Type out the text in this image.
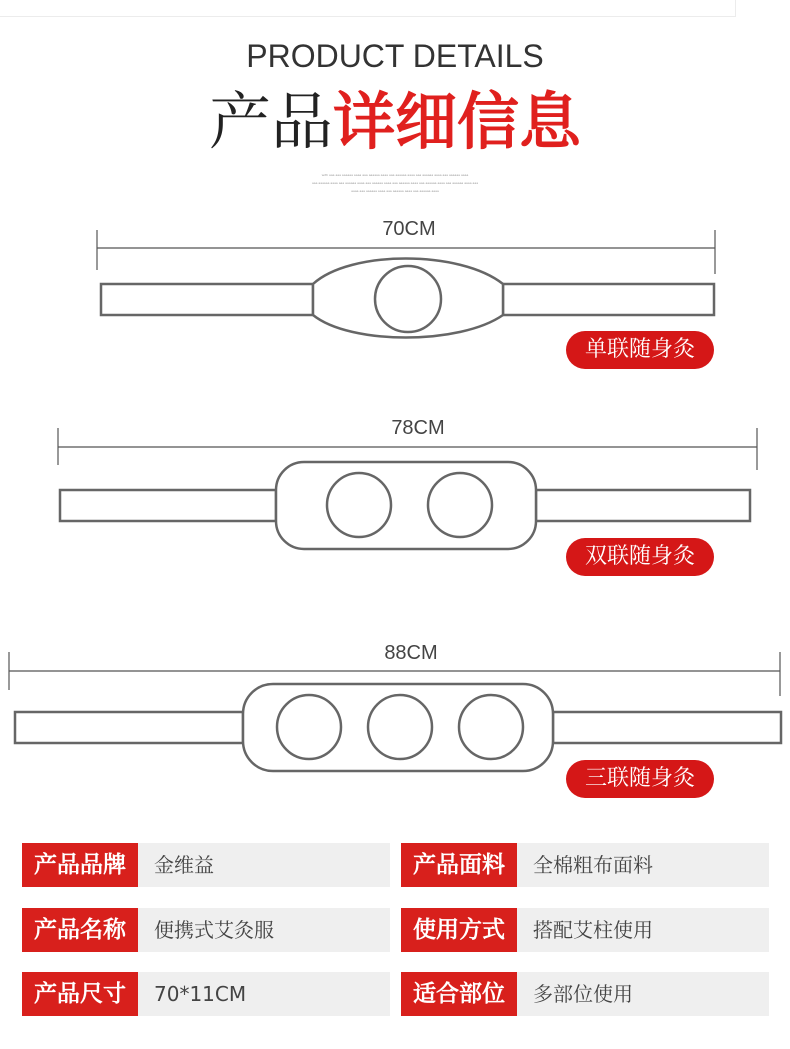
PRODUCT DETAILS
产品详细信息
with aaa aaa aaaaaa aaaa aaa aaaaaa aaaa aaa aaaaaa aaaa aaa aaaaaa aaaa aaa aaaaaa aaaa
aaa aaaaaa aaaa aaa aaaaaa aaaa aaa aaaaaa aaaa aaa aaaaaa aaaa aaa aaaaaa aaaa aaa aaaaaa aaaa aaa
aaaa aaa aaaaaa aaaa aaa aaaaaa aaaa aaa aaaaaa aaaa
70CM
单联随身灸
78CM
双联随身灸
88CM
三联随身灸
产品品牌	金维益	产品面料	全棉粗布面料
产品名称	便携式艾灸服	使用方式	搭配艾柱使用
产品尺寸	70*11CM	适合部位	多部位使用
